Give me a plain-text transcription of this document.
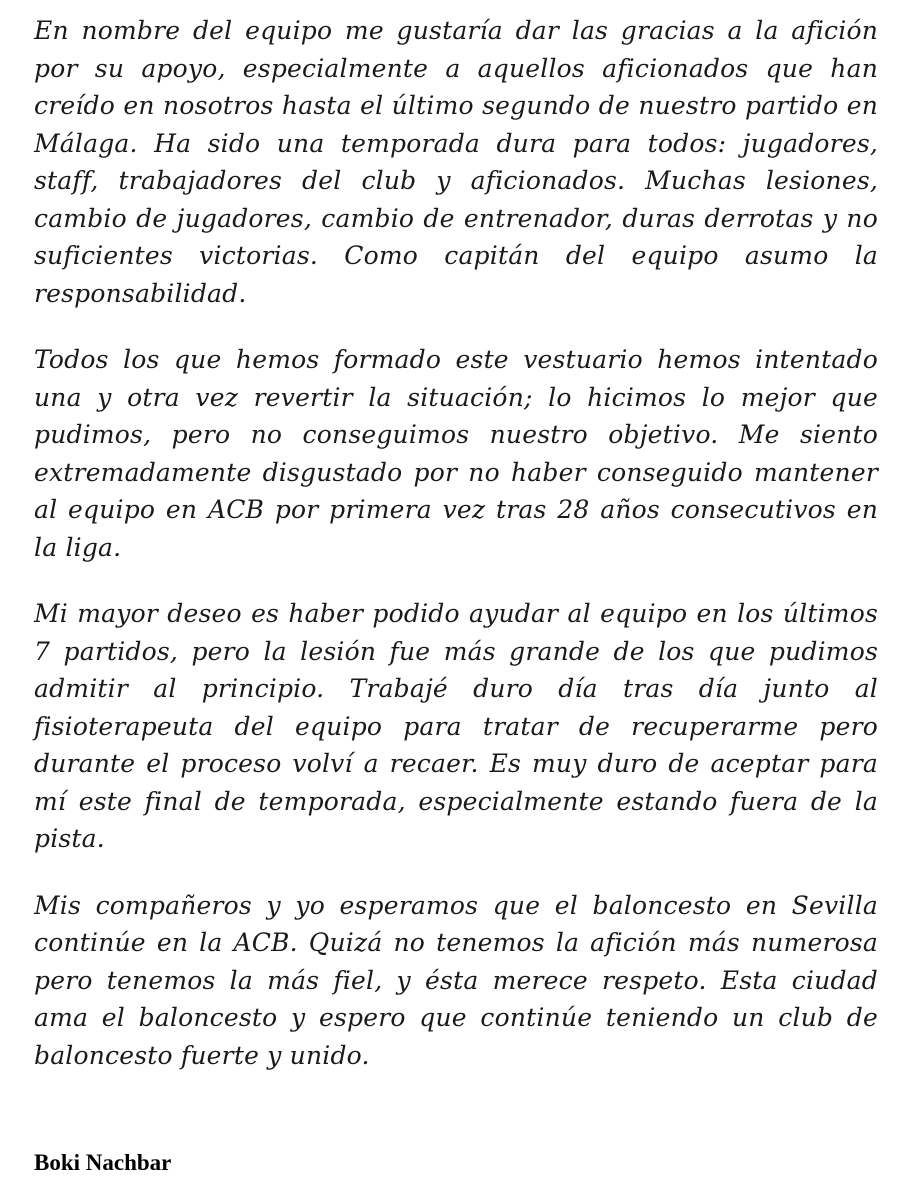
En nombre del equipo me gustaría dar las gracias a la afición por su apoyo, especialmente a aquellos aficionados que han creído en nosotros hasta el último segundo de nuestro partido en Málaga. Ha sido una temporada dura para todos: jugadores, staff, trabajadores del club y aficionados. Muchas lesiones, cambio de jugadores, cambio de entrenador, duras derrotas y no suficientes victorias. Como capitán del equipo asumo la responsabilidad.

Todos los que hemos formado este vestuario hemos intentado una y otra vez revertir la situación; lo hicimos lo mejor que pudimos, pero no conseguimos nuestro objetivo. Me siento extremadamente disgustado por no haber conseguido mantener al equipo en ACB por primera vez tras 28 años consecutivos en la liga.

Mi mayor deseo es haber podido ayudar al equipo en los últimos 7 partidos, pero la lesión fue más grande de los que pudimos admitir al principio. Trabajé duro día tras día junto al fisioterapeuta del equipo para tratar de recuperarme pero durante el proceso volví a recaer. Es muy duro de aceptar para mí este final de temporada, especialmente estando fuera de la pista.

Mis compañeros y yo esperamos que el baloncesto en Sevilla continúe en la ACB. Quizá no tenemos la afición más numerosa pero tenemos la más fiel, y ésta merece respeto. Esta ciudad ama el baloncesto y espero que continúe teniendo un club de baloncesto fuerte y unido.

Boki Nachbar
